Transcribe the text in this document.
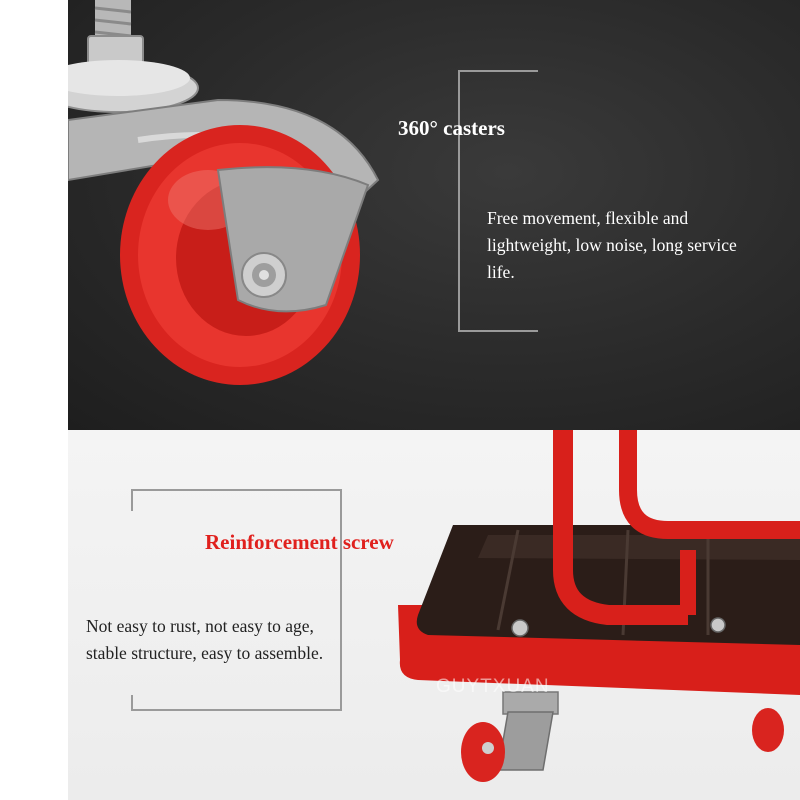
360° casters
Free movement, flexible and lightweight, low noise, long service life.
Reinforcement screw
Not easy to rust, not easy to age, stable structure, easy to assemble.
GUYTXUAN
